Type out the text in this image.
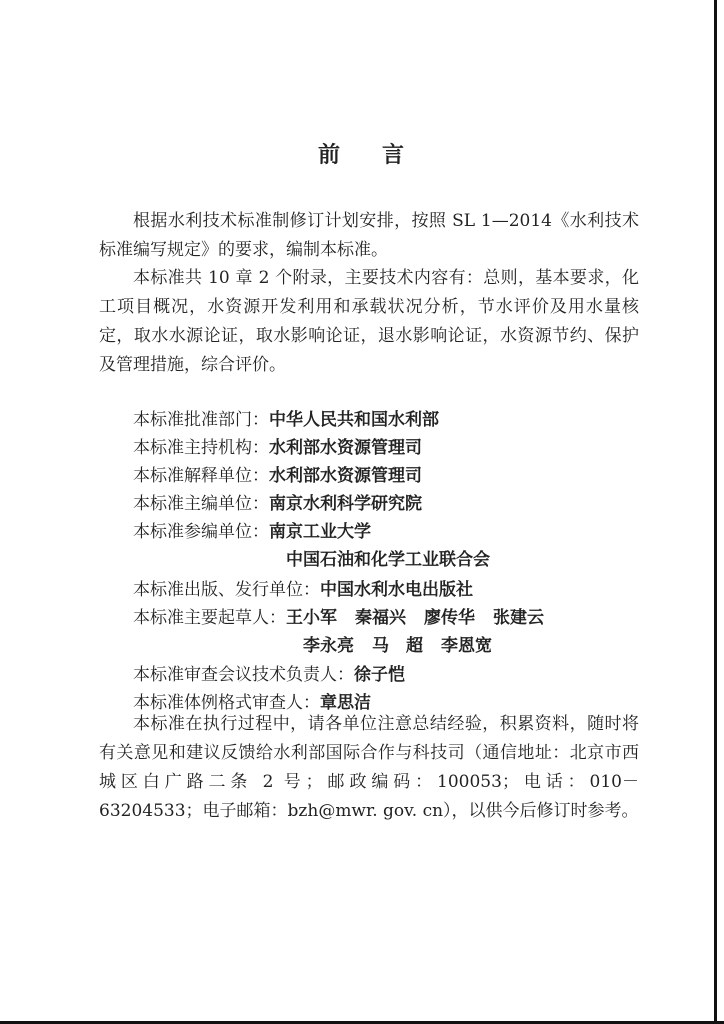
前 言

根据水利技术标准制修订计划安排，按照 SL 1—2014《水利技术标准编写规定》的要求，编制本标准。

本标准共 10 章 2 个附录，主要技术内容有：总则，基本要求，化工项目概况，水资源开发利用和承载状况分析，节水评价及用水量核定，取水水源论证，取水影响论证，退水影响论证，水资源节约、保护及管理措施，综合评价。

本标准批准部门：中华人民共和国水利部
本标准主持机构：水利部水资源管理司
本标准解释单位：水利部水资源管理司
本标准主编单位：南京水利科学研究院
本标准参编单位：南京工业大学
中国石油和化学工业联合会
本标准出版、发行单位：中国水利水电出版社
本标准主要起草人：王小军 秦福兴 廖传华 张建云
李永亮 马　超 李恩宽
本标准审查会议技术负责人：徐子恺
本标准体例格式审查人：章思洁

本标准在执行过程中，请各单位注意总结经验，积累资料，随时将有关意见和建议反馈给水利部国际合作与科技司（通信地址：北京市西城区白广路二条 2 号；邮政编码：100053；电话：010－63204533；电子邮箱：bzh@mwr. gov. cn），以供今后修订时参考。
